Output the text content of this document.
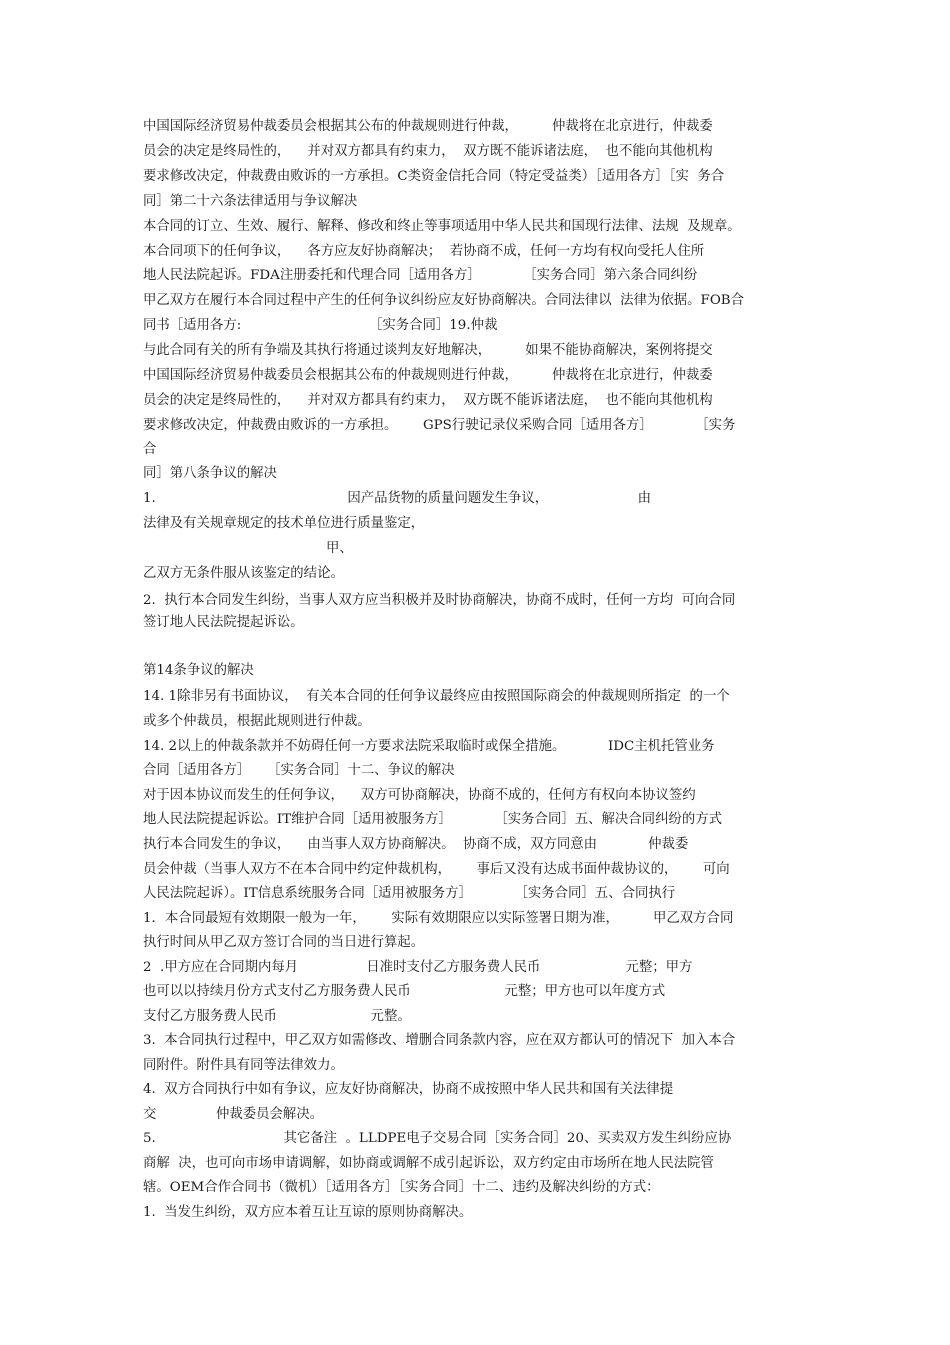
中国国际经济贸易仲裁委员会根据其公布的仲裁规则进行仲裁，        仲裁将在北京进行，仲裁委
员会的决定是终局性的，    并对双方都具有约束力，  双方既不能诉诸法庭，  也不能向其他机构
要求修改决定，仲裁费由败诉的一方承担。C类资金信托合同（特定受益类）［适用各方］［实  务合
同］第二十六条法律适用与争议解决
本合同的订立、生效、履行、解释、修改和终止等事项适用中华人民共和国现行法律、法规  及规章。
本合同项下的任何争议，    各方应友好协商解决；  若协商不成，任何一方均有权向受托人住所
地人民法院起诉。FDA注册委托和代理合同［适用各方］          ［实务合同］第六条合同纠纷
甲乙双方在履行本合同过程中产生的任何争议纠纷应友好协商解决。合同法律以  法律为依据。FOB合
同书［适用各方:                              ［实务合同］19.仲裁
与此合同有关的所有争端及其执行将通过谈判友好地解决，        如果不能协商解决，案例将提交
中国国际经济贸易仲裁委员会根据其公布的仲裁规则进行仲裁，        仲裁将在北京进行，仲裁委
员会的决定是终局性的，    并对双方都具有约束力，  双方既不能诉诸法庭，  也不能向其他机构
要求修改决定，仲裁费由败诉的一方承担。      GPS行驶记录仪采购合同［适用各方］          ［实务
合
同］第八条争议的解决
1.                                             因产品货物的质量问题发生争议，                     由
法律及有关规章规定的技术单位进行质量鉴定，
甲、
乙双方无条件服从该鉴定的结论。
2.  执行本合同发生纠纷，当事人双方应当积极并及时协商解决，协商不成时，任何一方均  可向合同
签订地人民法院提起诉讼。
第14条争议的解决
14. 1除非另有书面协议，  有关本合同的任何争议最终应由按照国际商会的仲裁规则所指定  的一个
或多个仲裁员，根据此规则进行仲裁。
14. 2以上的仲裁条款并不妨碍任何一方要求法院采取临时或保全措施。          IDC主机托管业务
合同［适用各方］    ［实务合同］十二、争议的解决
对于因本协议而发生的任何争议，    双方可协商解决，协商不成的，任何方有权向本协议签约
地人民法院提起诉讼。IT维护合同［适用被服务方］          ［实务合同］五、解决合同纠纷的方式
执行本合同发生的争议，    由当事人双方协商解决。  协商不成，双方同意由            仲裁委
员会仲裁（当事人双方不在本合同中约定仲裁机构，      事后又没有达成书面仲裁协议的，      可向
人民法院起诉）。IT信息系统服务合同［适用被服务方］          ［实务合同］五、合同执行
1．本合同最短有效期限一般为一年，      实际有效期限应以实际签署日期为准，        甲乙双方合同
执行时间从甲乙双方签订合同的当日进行算起。
2  .甲方应在合同期内每月                日准时支付乙方服务费人民币                    元整；甲方
也可以以持续月份方式支付乙方服务费人民币                      元整；甲方也可以年度方式
支付乙方服务费人民币                      元整。
3.  本合同执行过程中，甲乙双方如需修改、增删合同条款内容，应在双方都认可的情况下  加入本合
同附件。附件具有同等法律效力。
4.  双方合同执行中如有争议，应友好协商解决，协商不成按照中华人民共和国有关法律提
交              仲裁委员会解决。
5.                              其它备注  。LLDPE电子交易合同［实务合同］20、买卖双方发生纠纷应协
商解  决，也可向市场申请调解，如协商或调解不成引起诉讼，双方约定由市场所在地人民法院管
辖。OEM合作合同书（微机）［适用各方］［实务合同］十二、违约及解决纠纷的方式：
1.  当发生纠纷，双方应本着互让互谅的原则协商解决。
